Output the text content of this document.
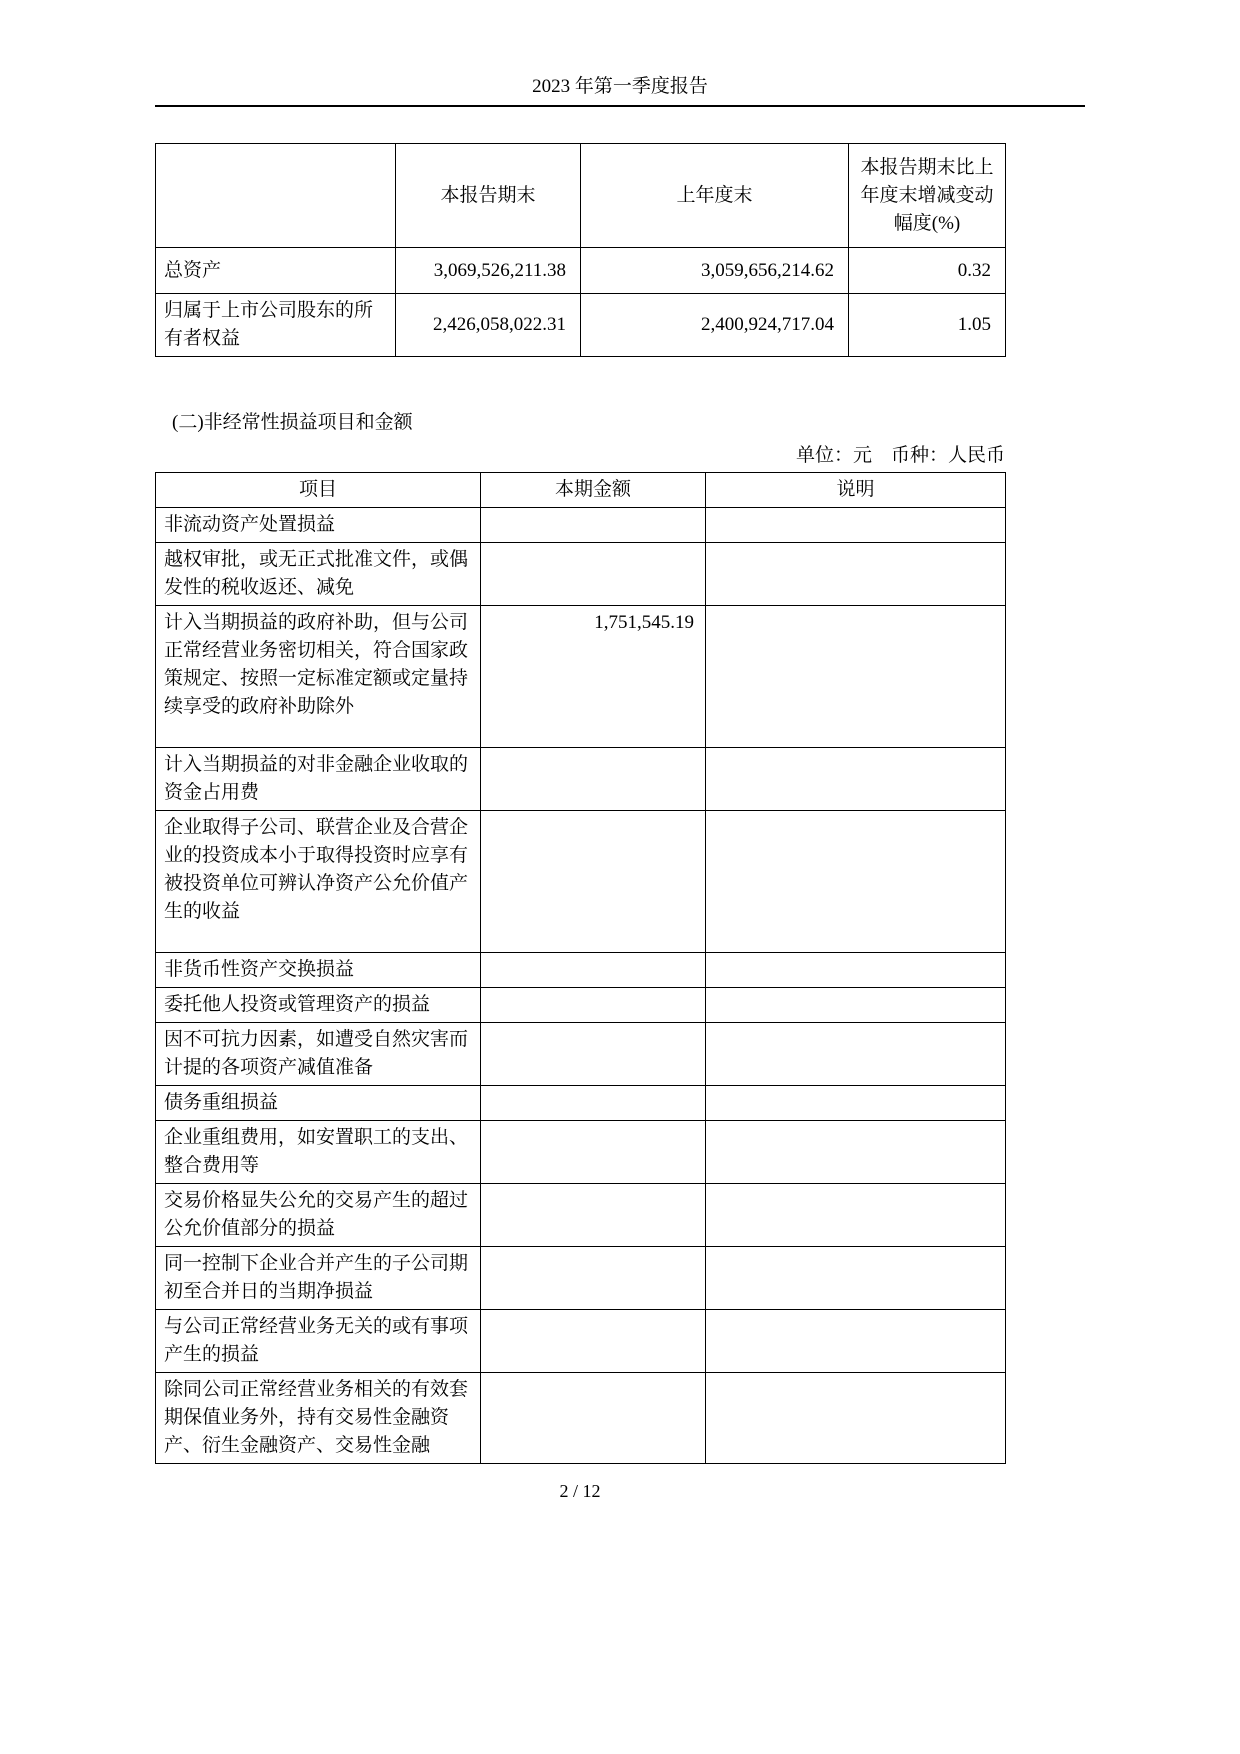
2023 年第一季度报告
	本报告期末	上年度末	本报告期末比上年度末增减变动幅度(%)
总资产	3,069,526,211.38	3,059,656,214.62	0.32
归属于上市公司股东的所有者权益	2,426,058,022.31	2,400,924,717.04	1.05
(二)非经常性损益项目和金额
单位：元　币种：人民币
项目	本期金额	说明
非流动资产处置损益		
越权审批，或无正式批准文件，或偶发性的税收返还、减免		
计入当期损益的政府补助，但与公司正常经营业务密切相关，符合国家政策规定、按照一定标准定额或定量持续享受的政府补助除外	1,751,545.19	
计入当期损益的对非金融企业收取的资金占用费		
企业取得子公司、联营企业及合营企业的投资成本小于取得投资时应享有被投资单位可辨认净资产公允价值产生的收益		
非货币性资产交换损益		
委托他人投资或管理资产的损益		
因不可抗力因素，如遭受自然灾害而计提的各项资产减值准备		
债务重组损益		
企业重组费用，如安置职工的支出、整合费用等		
交易价格显失公允的交易产生的超过公允价值部分的损益		
同一控制下企业合并产生的子公司期初至合并日的当期净损益		
与公司正常经营业务无关的或有事项产生的损益		
除同公司正常经营业务相关的有效套期保值业务外，持有交易性金融资产、衍生金融资产、交易性金融		
2 / 12
